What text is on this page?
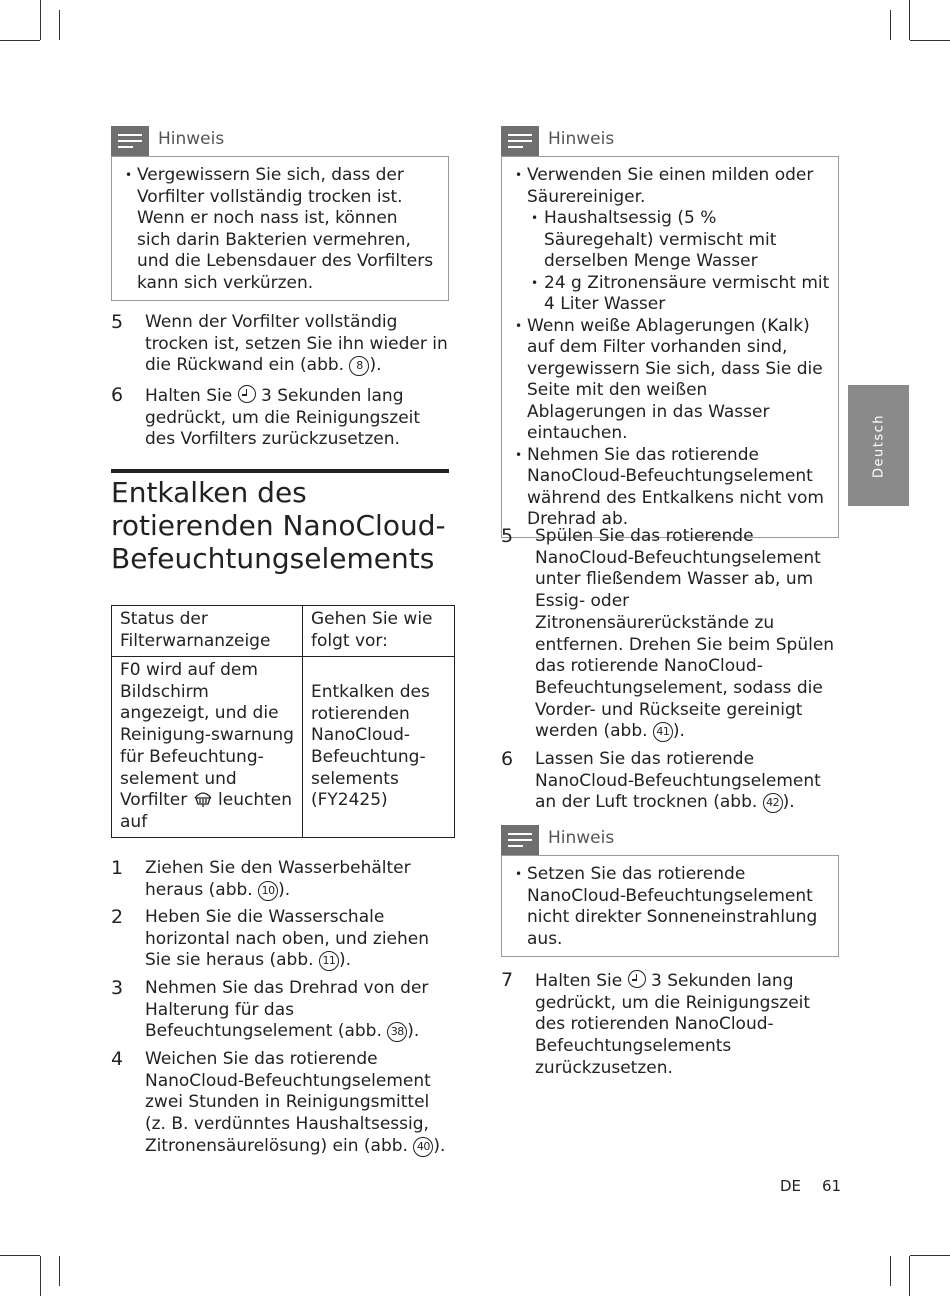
Hinweis
• Vergewissern Sie sich, dass der Vorfilter vollständig trocken ist. Wenn er noch nass ist, können sich darin Bakterien vermehren, und die Lebensdauer des Vorfilters kann sich verkürzen.
5 Wenn der Vorfilter vollständig trocken ist, setzen Sie ihn wieder in die Rückwand ein (abb. 8 ).
6 Halten Sie  3 Sekunden lang gedrückt, um die Reinigungszeit des Vorfilters zurückzusetzen.
Entkalken des
rotierenden NanoCloud-
Befeuchtungselements
Status der Filterwarnanzeige	Gehen Sie wie folgt vor:
F0 wird auf dem Bildschirm angezeigt, und die Reinigung-swarnung für Befeuchtung-selement und Vorfilter  leuchten auf	Entkalken des rotierenden NanoCloud-Befeuchtung-selements (FY2425)
1 Ziehen Sie den Wasserbehälter heraus (abb. 10 ).
2 Heben Sie die Wasserschale horizontal nach oben, und ziehen Sie sie heraus (abb. 11 ).
3 Nehmen Sie das Drehrad von der Halterung für das Befeuchtungselement (abb. 38 ).
4 Weichen Sie das rotierende NanoCloud-Befeuchtungselement zwei Stunden in Reinigungsmittel (z. B. verdünntes Haushaltsessig, Zitronensäurelösung) ein (abb. 40 ).
Hinweis
• Verwenden Sie einen milden oder Säurereiniger.
• Haushaltsessig (5 % Säuregehalt) vermischt mit derselben Menge Wasser
• 24 g Zitronensäure vermischt mit 4 Liter Wasser
• Wenn weiße Ablagerungen (Kalk) auf dem Filter vorhanden sind, vergewissern Sie sich, dass Sie die Seite mit den weißen Ablagerungen in das Wasser eintauchen.
• Nehmen Sie das rotierende NanoCloud-Befeuchtungselement während des Entkalkens nicht vom Drehrad ab.
5 Spülen Sie das rotierende NanoCloud-Befeuchtungselement unter fließendem Wasser ab, um Essig- oder Zitronensäurerückstände zu entfernen. Drehen Sie beim Spülen das rotierende NanoCloud-Befeuchtungselement, sodass die Vorder- und Rückseite gereinigt werden (abb. 41 ).
6 Lassen Sie das rotierende NanoCloud-Befeuchtungselement an der Luft trocknen (abb. 42 ).
Hinweis
• Setzen Sie das rotierende NanoCloud-Befeuchtungselement nicht direkter Sonneneinstrahlung aus.
7 Halten Sie  3 Sekunden lang gedrückt, um die Reinigungszeit des rotierenden NanoCloud-Befeuchtungselements zurückzusetzen.
Deutsch
DE 61
